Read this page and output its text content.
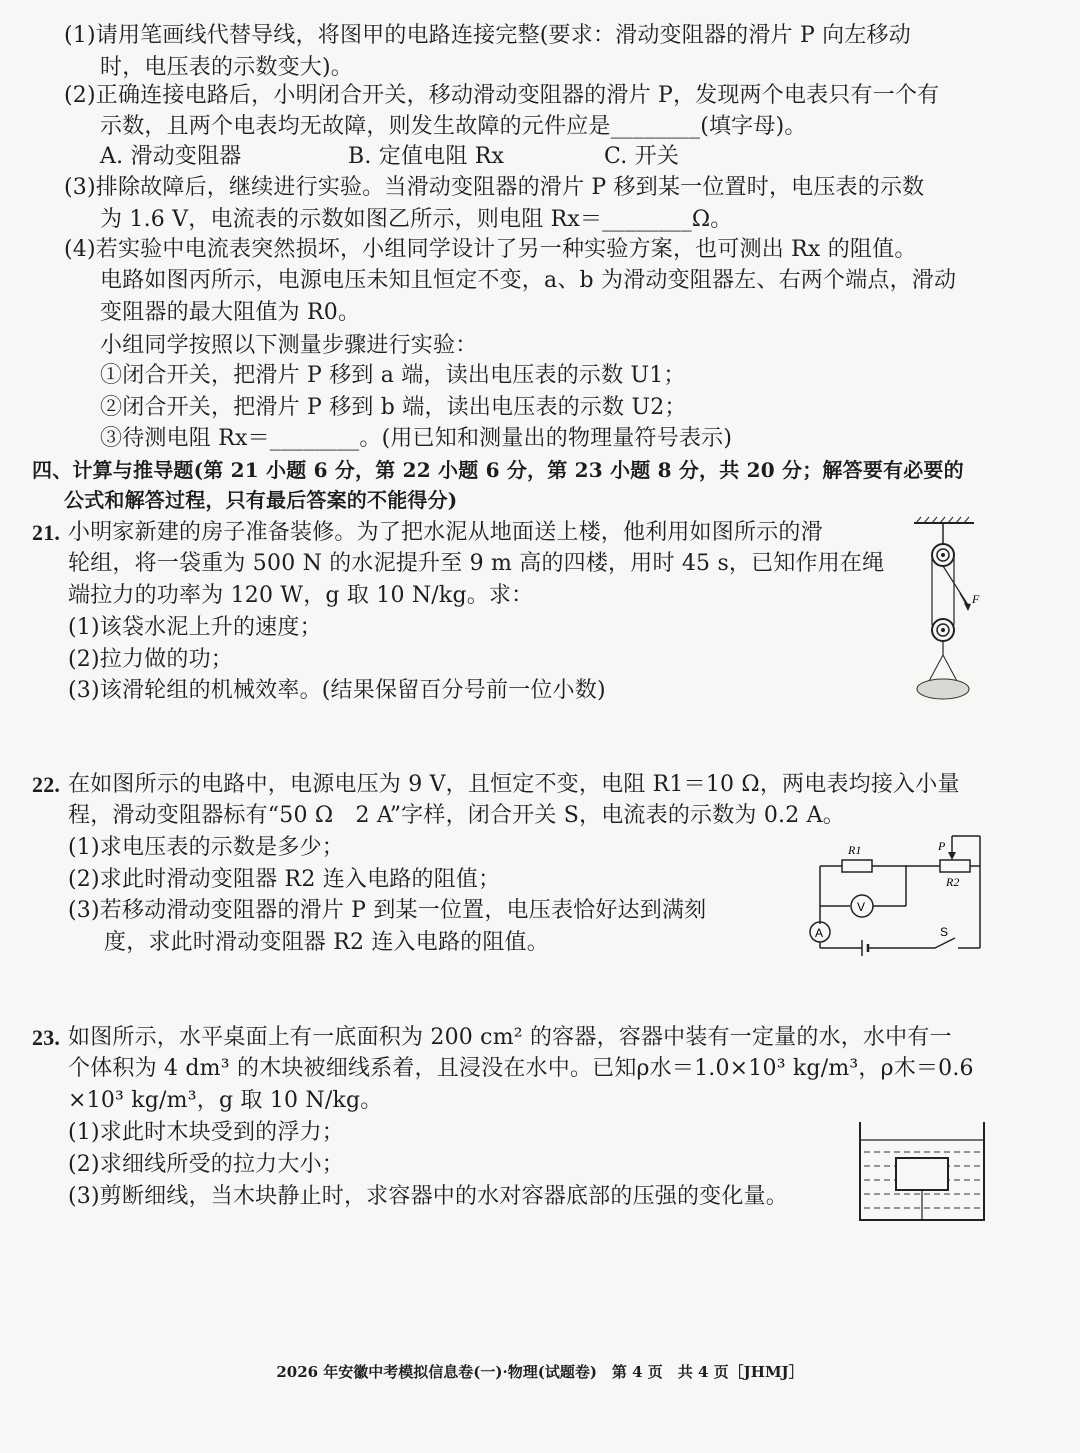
(1)请用笔画线代替导线，将图甲的电路连接完整(要求：滑动变阻器的滑片 P 向左移动
时，电压表的示数变大)。
(2)正确连接电路后，小明闭合开关，移动滑动变阻器的滑片 P，发现两个电表只有一个有
示数，且两个电表均无故障，则发生故障的元件应是________(填字母)。
A. 滑动变阻器	B. 定值电阻 Rx	C. 开关
(3)排除故障后，继续进行实验。当滑动变阻器的滑片 P 移到某一位置时，电压表的示数
为 1.6 V，电流表的示数如图乙所示，则电阻 Rx＝________Ω。
(4)若实验中电流表突然损坏，小组同学设计了另一种实验方案，也可测出 Rx 的阻值。
电路如图丙所示，电源电压未知且恒定不变，a、b 为滑动变阻器左、右两个端点，滑动
变阻器的最大阻值为 R0。
小组同学按照以下测量步骤进行实验：
①闭合开关，把滑片 P 移到 a 端，读出电压表的示数 U1；
②闭合开关，把滑片 P 移到 b 端，读出电压表的示数 U2；
③待测电阻 Rx＝________。(用已知和测量出的物理量符号表示)
四、计算与推导题(第 21 小题 6 分，第 22 小题 6 分，第 23 小题 8 分，共 20 分；解答要有必要的
公式和解答过程，只有最后答案的不能得分)
21. 小明家新建的房子准备装修。为了把水泥从地面送上楼，他利用如图所示的滑
轮组，将一袋重为 500 N 的水泥提升至 9 m 高的四楼，用时 45 s，已知作用在绳
端拉力的功率为 120 W，g 取 10 N/kg。求：
(1)该袋水泥上升的速度；
(2)拉力做的功；
(3)该滑轮组的机械效率。(结果保留百分号前一位小数)
F
22. 在如图所示的电路中，电源电压为 9 V，且恒定不变，电阻 R1＝10 Ω，两电表均接入小量
程，滑动变阻器标有“50 Ω　2 A”字样，闭合开关 S，电流表的示数为 0.2 A。
(1)求电压表的示数是多少；
(2)求此时滑动变阻器 R2 连入电路的阻值；
(3)若移动滑动变阻器的滑片 P 到某一位置，电压表恰好达到满刻
度，求此时滑动变阻器 R2 连入电路的阻值。
R1
R2
P
V
A	S
23. 如图所示，水平桌面上有一底面积为 200 cm² 的容器，容器中装有一定量的水，水中有一
个体积为 4 dm³ 的木块被细线系着，且浸没在水中。已知ρ水＝1.0×10³ kg/m³，ρ木＝0.6
×10³ kg/m³，g 取 10 N/kg。
(1)求此时木块受到的浮力；
(2)求细线所受的拉力大小；
(3)剪断细线，当木块静止时，求容器中的水对容器底部的压强的变化量。
2026 年安徽中考模拟信息卷(一)·物理(试题卷)　第 4 页　共 4 页［JHMJ］
